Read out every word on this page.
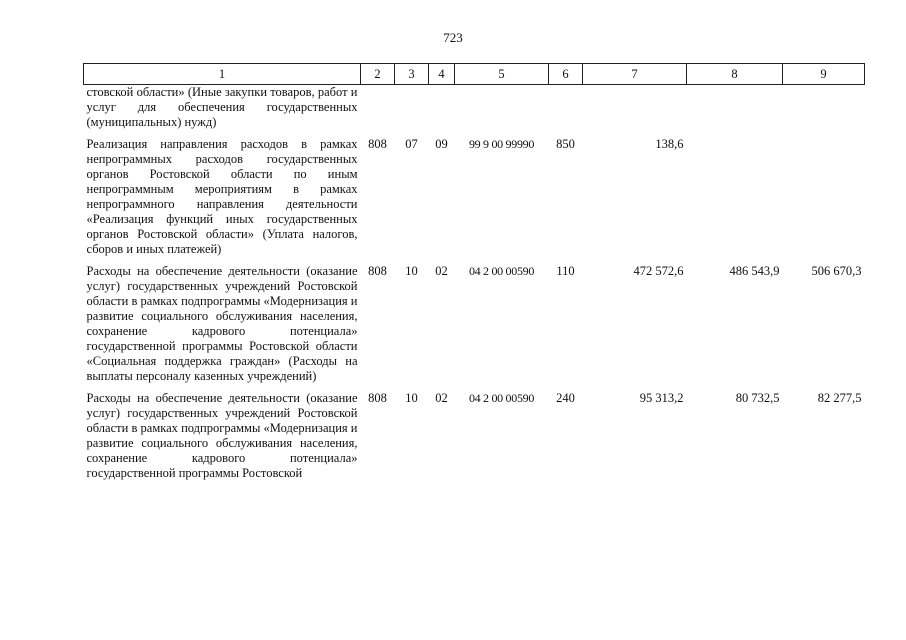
723
1	2	3	4	5	6	7	8	9
стовской области» (Иные закупки товаров, работ и услуг для обеспечения государственных (муниципальных) нужд)								
Реализация направления расходов в рамках непрограммных расходов государственных органов Ростовской области по иным непрограммным мероприятиям в рамках непрограммного направления деятельности «Реализация функций иных государственных органов Ростовской области» (Уплата налогов, сборов и иных платежей)	808	07	09	99 9 00 99990	850	138,6		
Расходы на обеспечение деятельности (оказание услуг) государственных учреждений Ростовской области в рамках подпрограммы «Модернизация и развитие социального обслуживания населения, сохранение кадрового потенциала» государственной программы Ростовской области «Социальная поддержка граждан» (Расходы на выплаты персоналу казенных учреждений)	808	10	02	04 2 00 00590	110	472 572,6	486 543,9	506 670,3
Расходы на обеспечение деятельности (оказание услуг) государственных учреждений Ростовской области в рамках подпрограммы «Модернизация и развитие социального обслуживания населения, сохранение кадрового потенциала» государственной программы Ростовской	808	10	02	04 2 00 00590	240	95 313,2	80 732,5	82 277,5
